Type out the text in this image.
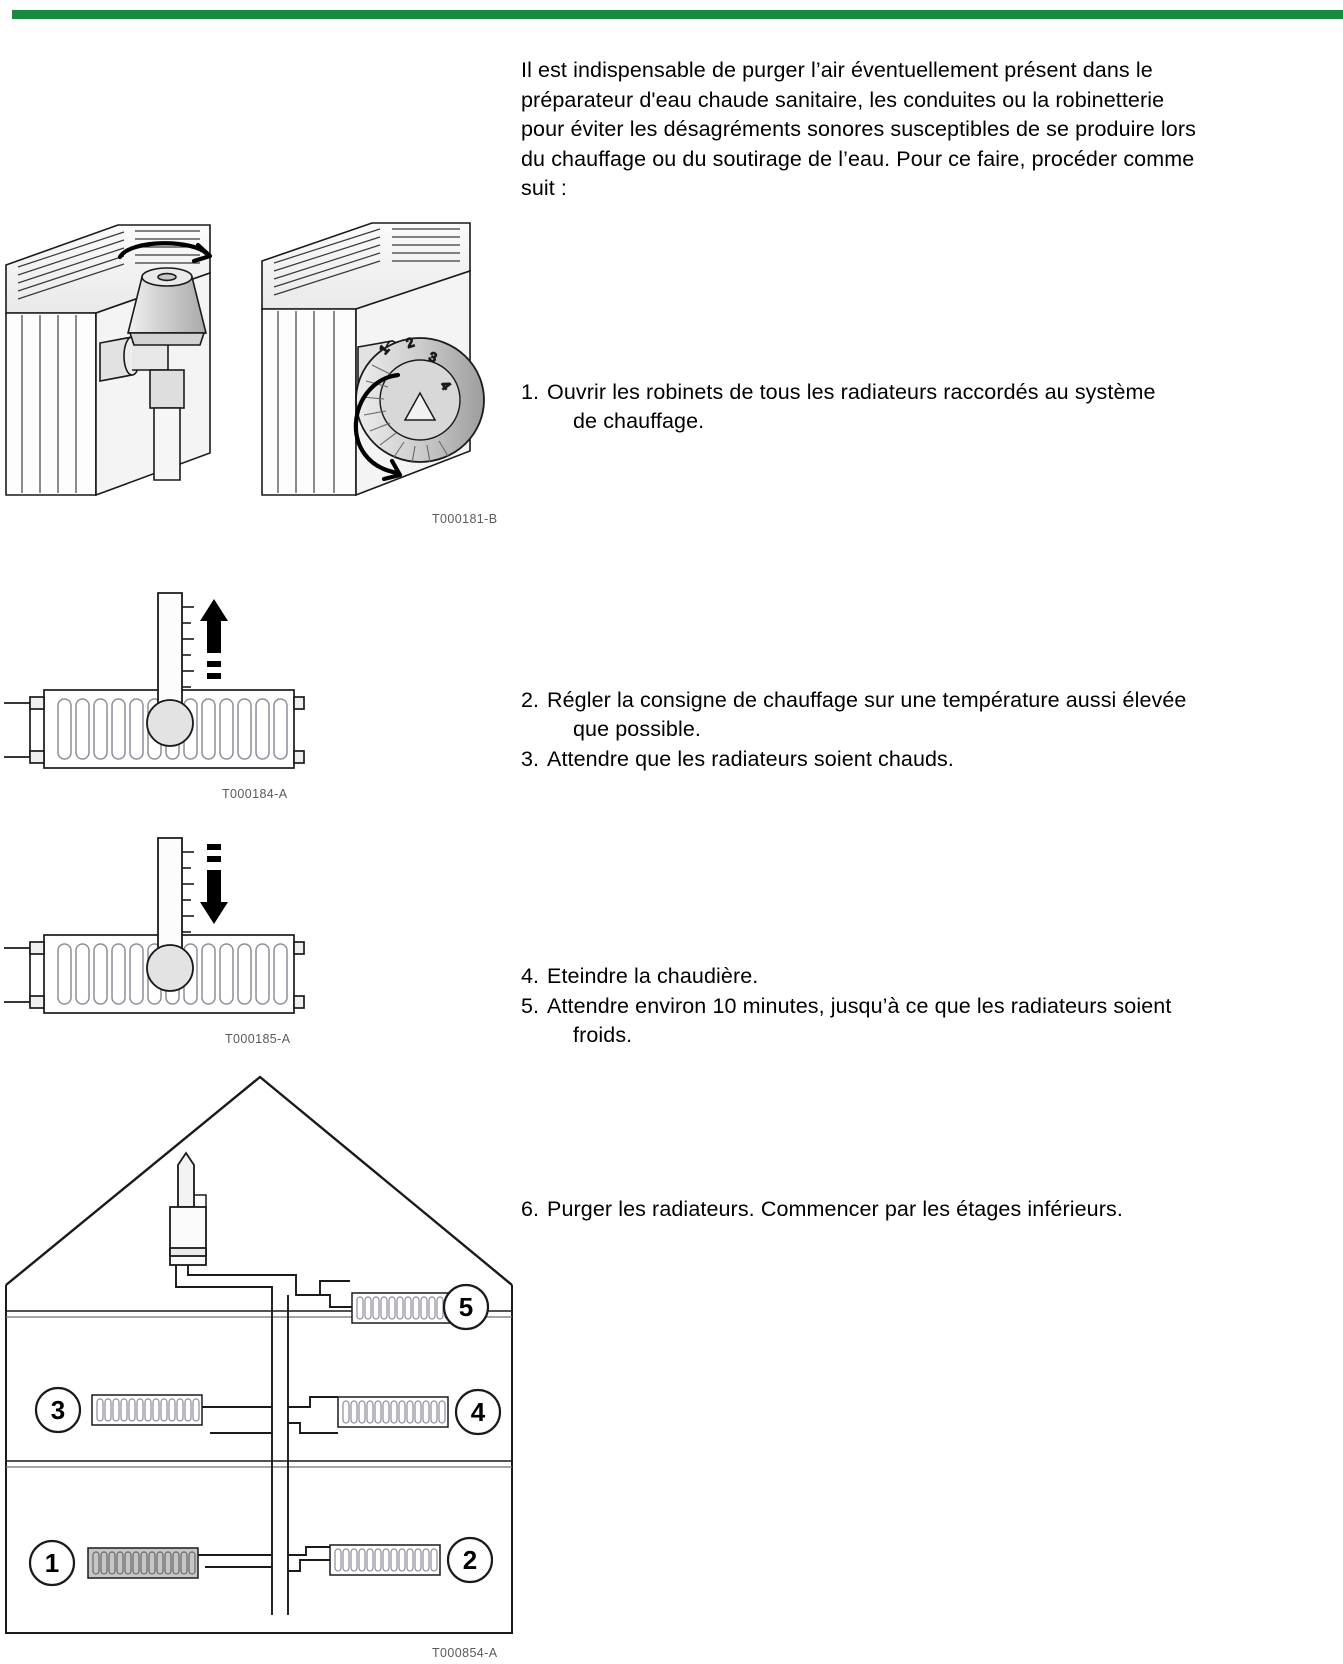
1 2
3
4
T000181-B
T000184-A
T000185-A
5
3	4
1	2
T000854-A

Il est indispensable de purger l’air éventuellement présent dans le préparateur d'eau chaude sanitaire, les conduites ou la robinetterie pour éviter les désagréments sonores susceptibles de se produire lors du chauffage ou du soutirage de l’eau. Pour ce faire, procéder comme suit :

1. Ouvrir les robinets de tous les radiateurs raccordés au système
de chauffage.
2. Régler la consigne de chauffage sur une température aussi élevée
que possible.
3. Attendre que les radiateurs soient chauds.
4. Eteindre la chaudière.
5. Attendre environ 10 minutes, jusqu’à ce que les radiateurs soient
froids.
6. Purger les radiateurs. Commencer par les étages inférieurs.
